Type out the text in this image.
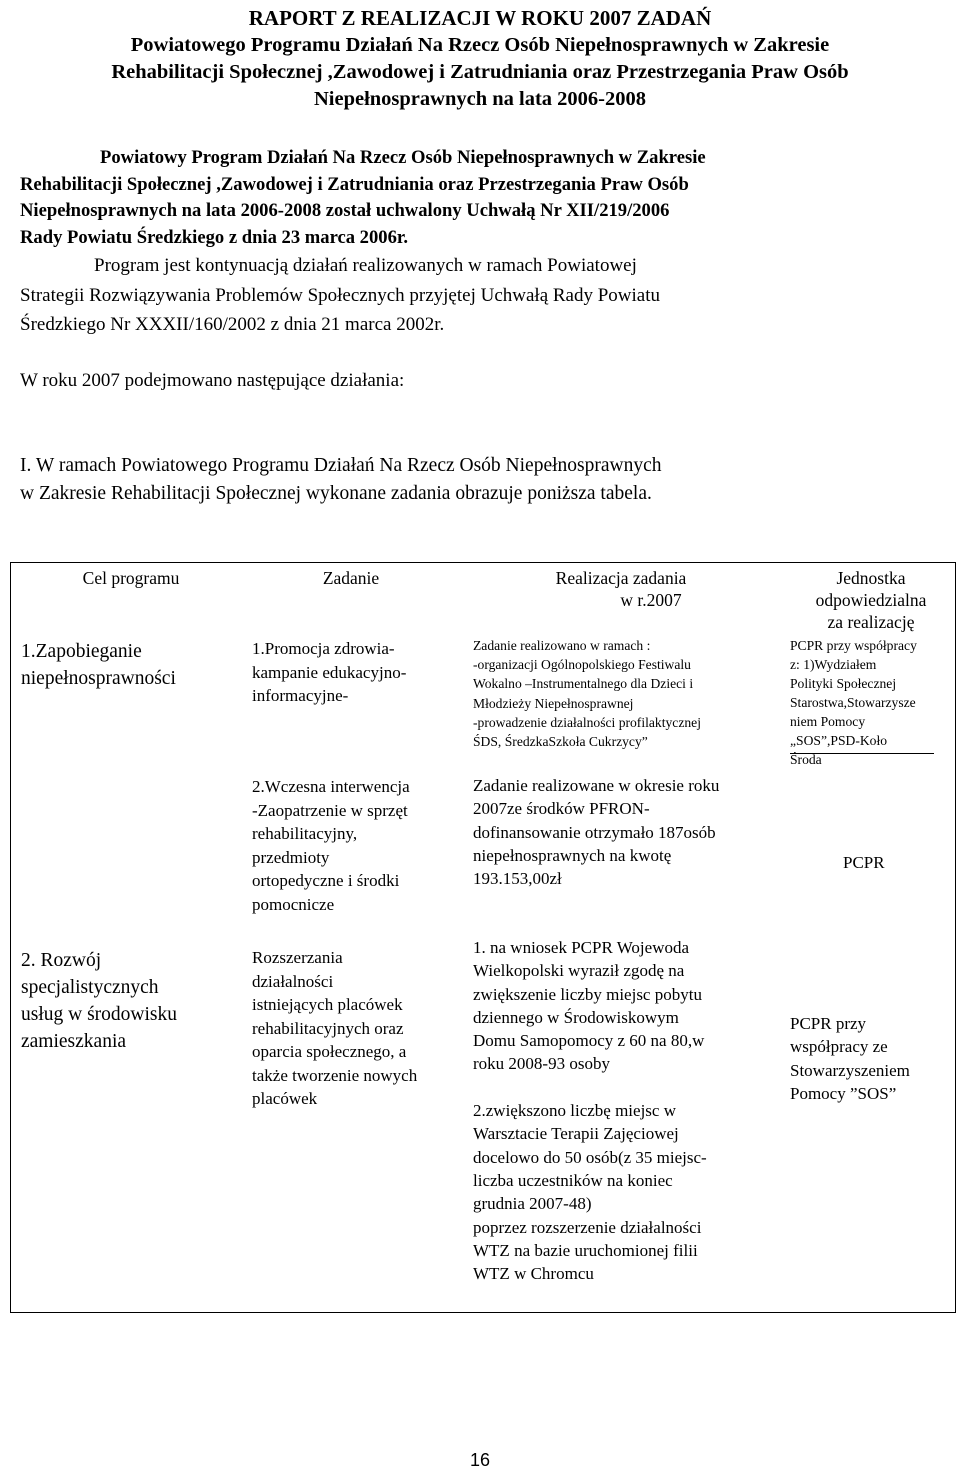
RAPORT Z REALIZACJI W ROKU 2007 ZADAŃ
Powiatowego Programu Działań Na Rzecz Osób Niepełnosprawnych w Zakresie
Rehabilitacji Społecznej ,Zawodowej i Zatrudniania oraz Przestrzegania Praw Osób
Niepełnosprawnych na lata 2006-2008
Powiatowy Program Działań Na Rzecz Osób Niepełnosprawnych w Zakresie
Rehabilitacji Społecznej ,Zawodowej i Zatrudniania oraz Przestrzegania Praw Osób
Niepełnosprawnych na lata 2006-2008 został uchwalony Uchwałą Nr XII/219/2006
Rady Powiatu Średzkiego z dnia 23 marca 2006r.
Program jest kontynuacją działań realizowanych w ramach Powiatowej
Strategii Rozwiązywania Problemów Społecznych przyjętej Uchwałą Rady Powiatu
Średzkiego Nr XXXII/160/2002 z dnia 21 marca 2002r.
W roku 2007 podejmowano następujące działania:
I. W ramach Powiatowego Programu Działań Na Rzecz Osób Niepełnosprawnych
w Zakresie Rehabilitacji Społecznej wykonane zadania obrazuje poniższa tabela.
Cel programu	Zadanie	Realizacja zadania
w r.2007
Jednostka
odpowiedzialna
za realizację
1.Zapobieganie
niepełnosprawności
1.Promocja zdrowia-
kampanie edukacyjno-
informacyjne-
Zadanie realizowano w ramach :
-organizacji Ogólnopolskiego Festiwalu
Wokalno –Instrumentalnego dla Dzieci i
Młodzieży Niepełnosprawnej
-prowadzenie działalności profilaktycznej
ŚDS, ŚredzkaSzkoła Cukrzycy”
PCPR przy współpracy
z: 1)Wydziałem
Polityki Społecznej
Starostwa,Stowarzysze
niem Pomocy
„SOS”,PSD-Koło
Środa
2.Wczesna interwencja
-Zaopatrzenie w sprzęt
rehabilitacyjny,
przedmioty
ortopedyczne i środki
pomocnicze
Zadanie realizowane w okresie roku
2007ze środków PFRON-
dofinansowanie otrzymało 187osób
niepełnosprawnych na kwotę
193.153,00zł
PCPR
2. Rozwój
specjalistycznych
usług w środowisku
zamieszkania
Rozszerzania
działalności
istniejących placówek
rehabilitacyjnych oraz
oparcia społecznego, a
także tworzenie nowych
placówek
1. na wniosek PCPR Wojewoda
Wielkopolski wyraził zgodę na
zwiększenie liczby miejsc pobytu
dziennego w Środowiskowym
Domu Samopomocy z 60 na 80,w
roku 2008-93 osoby
2.zwiększono liczbę miejsc w
Warsztacie Terapii Zajęciowej
docelowo do 50 osób(z 35 miejsc-
liczba uczestników na koniec
grudnia 2007-48)
poprzez rozszerzenie działalności
WTZ na bazie uruchomionej filii
WTZ w Chromcu
PCPR przy
współpracy ze
Stowarzyszeniem
Pomocy ”SOS”
16
